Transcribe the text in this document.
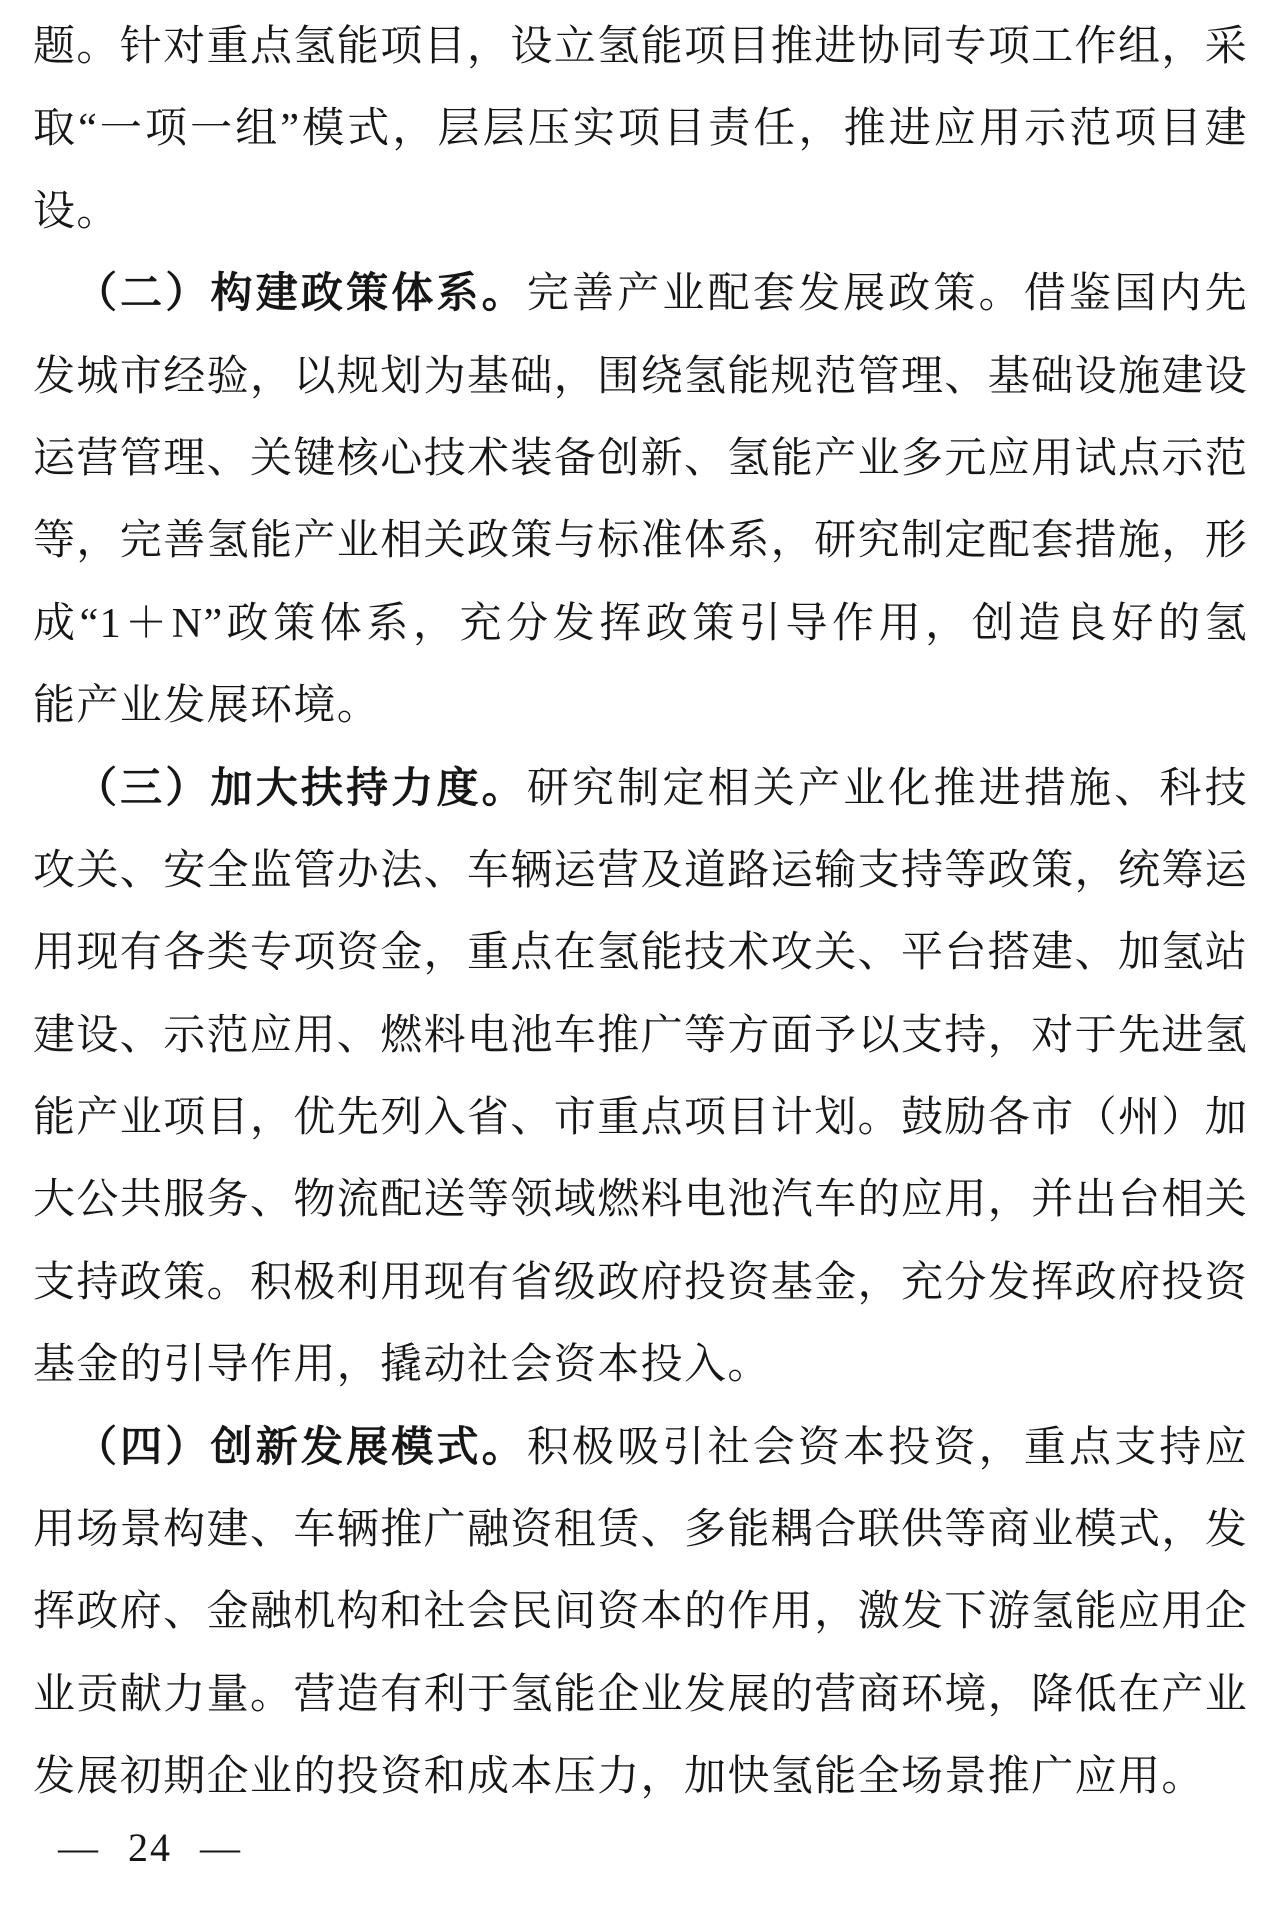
题。针对重点氢能项目，设立氢能项目推进协同专项工作组，采
取“一项一组”模式，层层压实项目责任，推进应用示范项目建
设。
（二）构建政策体系。完善产业配套发展政策。借鉴国内先
发城市经验，以规划为基础，围绕氢能规范管理、基础设施建设
运营管理、关键核心技术装备创新、氢能产业多元应用试点示范
等，完善氢能产业相关政策与标准体系，研究制定配套措施，形
成“1＋N”政策体系，充分发挥政策引导作用，创造良好的氢
能产业发展环境。
（三）加大扶持力度。研究制定相关产业化推进措施、科技
攻关、安全监管办法、车辆运营及道路运输支持等政策，统筹运
用现有各类专项资金，重点在氢能技术攻关、平台搭建、加氢站
建设、示范应用、燃料电池车推广等方面予以支持，对于先进氢
能产业项目，优先列入省、市重点项目计划。鼓励各市（州）加
大公共服务、物流配送等领域燃料电池汽车的应用，并出台相关
支持政策。积极利用现有省级政府投资基金，充分发挥政府投资
基金的引导作用，撬动社会资本投入。
（四）创新发展模式。积极吸引社会资本投资，重点支持应
用场景构建、车辆推广融资租赁、多能耦合联供等商业模式，发
挥政府、金融机构和社会民间资本的作用，激发下游氢能应用企
业贡献力量。营造有利于氢能企业发展的营商环境，降低在产业
发展初期企业的投资和成本压力，加快氢能全场景推广应用。
— 24 —
